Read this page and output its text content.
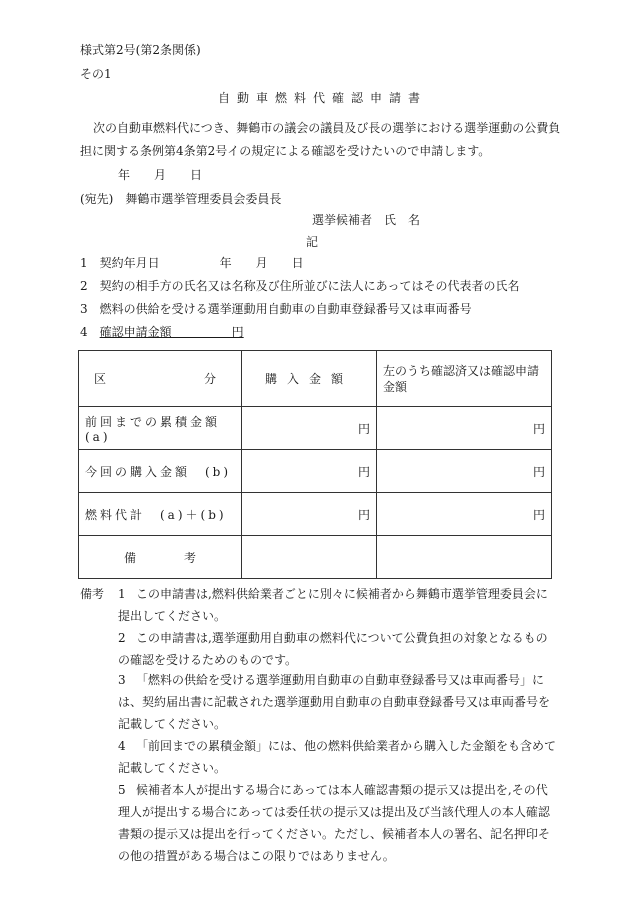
様式第2号(第2条関係)
その1
自動車燃料代確認申請書
次の自動車燃料代につき、舞鶴市の議会の議員及び長の選挙における選挙運動の公費負
担に関する条例第4条第2号イの規定による確認を受けたいので申請します。
年　　月　　日
(宛先)　舞鶴市選挙管理委員会委員長
選挙候補者　氏　名
記
1　 契約年月日　　　　　年　　月　　日
2　 契約の相手方の氏名又は名称及び住所並びに法人にあってはその代表者の氏名
3　 燃料の供給を受ける選挙運動用自動車の自動車登録番号又は車両番号
4　 確認申請金額　　　　　円
区　　　　分	購入金額	左のうち確認済又は確認申請金額
前回までの累積金額　(a)	円	円
今回の購入金額　(b)	円	円
燃料代計　(a)＋(b)	円	円
備　　　　考		
備考 1 この申請書は,燃料供給業者ごとに別々に候補者から舞鶴市選挙管理委員会に提出してください。
2 この申請書は,選挙運動用自動車の燃料代について公費負担の対象となるものの確認を受けるためのものです。
3 「燃料の供給を受ける選挙運動用自動車の自動車登録番号又は車両番号」には、契約届出書に記載された選挙運動用自動車の自動車登録番号又は車両番号を記載してください。
4 「前回までの累積金額」には、他の燃料供給業者から購入した金額をも含めて記載してください。
5 候補者本人が提出する場合にあっては本人確認書類の提示又は提出を,その代理人が提出する場合にあっては委任状の提示又は提出及び当該代理人の本人確認書類の提示又は提出を行ってください。ただし、候補者本人の署名、記名押印その他の措置がある場合はこの限りではありません。
